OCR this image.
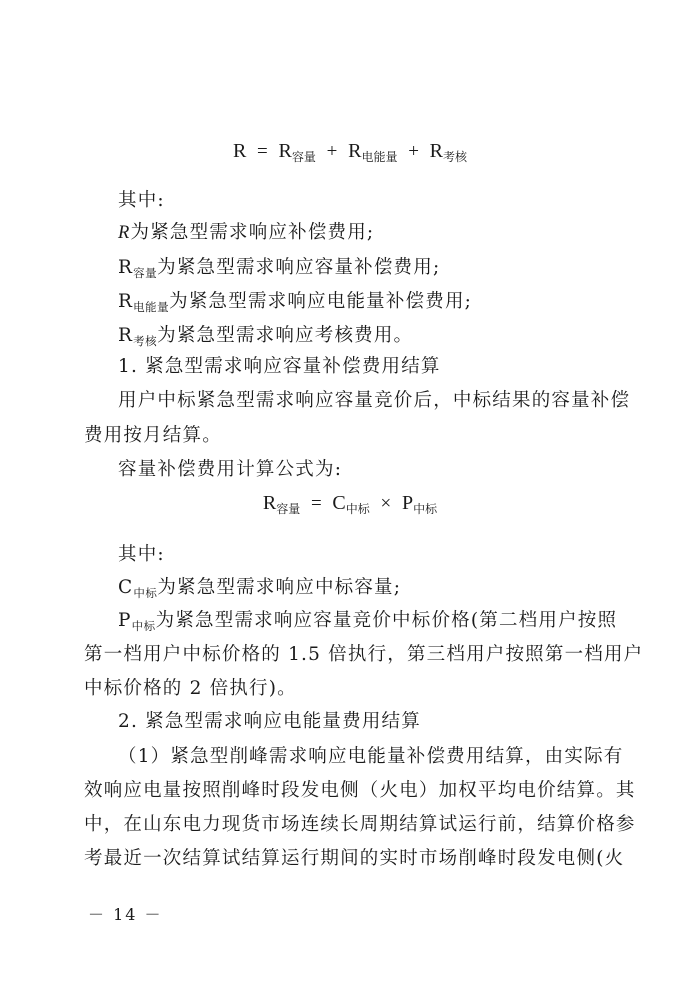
$R = R_{容量} + R_{电能量} + R_{考核}$
其中:
R为紧急型需求响应补偿费用;
$R_{容量}$为紧急型需求响应容量补偿费用;
$R_{电能量}$为紧急型需求响应电能量补偿费用;
$R_{考核}$为紧急型需求响应考核费用。
1. 紧急型需求响应容量补偿费用结算
用户中标紧急型需求响应容量竞价后，中标结果的容量补偿
费用按月结算。
容量补偿费用计算公式为:
$R_{容量} = C_{中标} \times P_{中标}$
其中:
$C_{中标}$为紧急型需求响应中标容量;
$P_{中标}$为紧急型需求响应容量竞价中标价格(第二档用户按照
第一档用户中标价格的 1.5 倍执行，第三档用户按照第一档用户
中标价格的 2 倍执行)。
2. 紧急型需求响应电能量费用结算
（1）紧急型削峰需求响应电能量补偿费用结算，由实际有
效响应电量按照削峰时段发电侧（火电）加权平均电价结算。其
中，在山东电力现货市场连续长周期结算试运行前，结算价格参
考最近一次结算试结算运行期间的实时市场削峰时段发电侧(火
－ 14 －
